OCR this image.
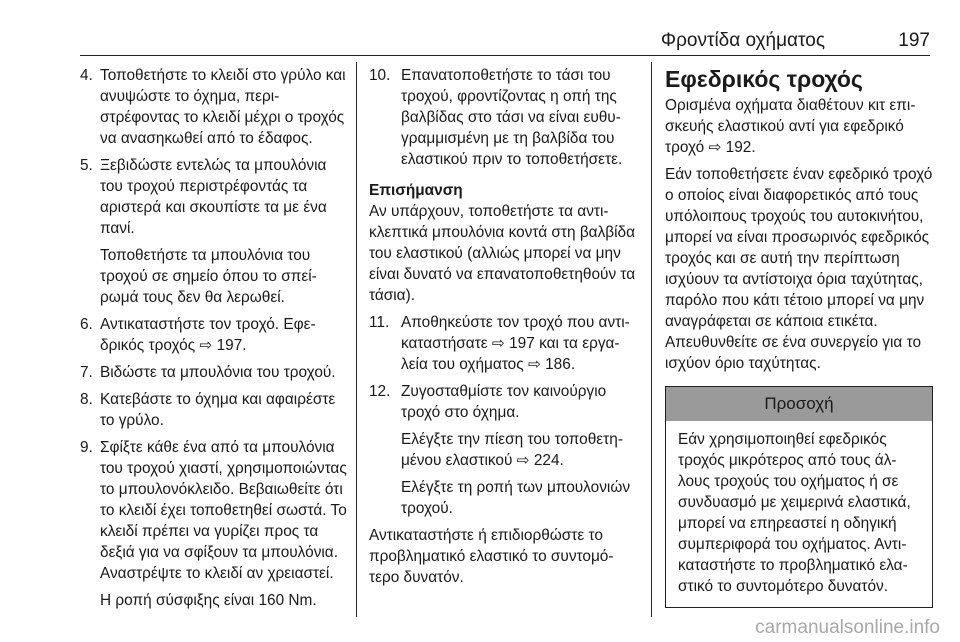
Φροντίδα οχήματος	197
4. Τοποθετήστε το κλειδί στο γρύλο και ανυψώστε το όχημα, περιστρέφοντας το κλειδί μέχρι ο τροχός να ανασηκωθεί από το έδαφος.

5. Ξεβιδώστε εντελώς τα μπουλόνια του τροχού περιστρέφοντάς τα αριστερά και σκουπίστε τα με ένα πανί.

Τοποθετήστε τα μπουλόνια του τροχού σε σημείο όπου το σπείρωμά τους δεν θα λερωθεί.

6. Αντικαταστήστε τον τροχό. Εφεδρικός τροχός ⇨ 197.

7. Βιδώστε τα μπουλόνια του τροχού.

8. Κατεβάστε το όχημα και αφαιρέστε το γρύλο.

9. Σφίξτε κάθε ένα από τα μπουλόνια του τροχού χιαστί, χρησιμοποιώντας το μπουλονόκλειδο. Βεβαιωθείτε ότι το κλειδί έχει τοποθετηθεί σωστά. Το κλειδί πρέπει να γυρίζει προς τα δεξιά για να σφίξουν τα μπουλόνια. Αναστρέψτε το κλειδί αν χρειαστεί.

Η ροπή σύσφιξης είναι 160 Nm.

10. Επανατοποθετήστε το τάσι του τροχού, φροντίζοντας η οπή της βαλβίδας στο τάσι να είναι ευθυγραμμισμένη με τη βαλβίδα του ελαστικού πριν το τοποθετήσετε.

Επισήμανση

Αν υπάρχουν, τοποθετήστε τα αντικλεπτικά μπουλόνια κοντά στη βαλβίδα του ελαστικού (αλλιώς μπορεί να μην είναι δυνατό να επανατοποθετηθούν τα τάσια).

11. Αποθηκεύστε τον τροχό που αντικαταστήσατε ⇨ 197 και τα εργαλεία του οχήματος ⇨ 186.

12. Ζυγοσταθμίστε τον καινούργιο τροχό στο όχημα.

Ελέγξτε την πίεση του τοποθετημένου ελαστικού ⇨ 224.

Ελέγξτε τη ροπή των μπουλονιών τροχού.

Αντικαταστήστε ή επιδιορθώστε το προβληματικό ελαστικό το συντομότερο δυνατόν.

Εφεδρικός τροχός

Ορισμένα οχήματα διαθέτουν κιτ επισκευής ελαστικού αντί για εφεδρικό τροχό ⇨ 192.

Εάν τοποθετήσετε έναν εφεδρικό τροχό ο οποίος είναι διαφορετικός από τους υπόλοιπους τροχούς του αυτοκινήτου, μπορεί να είναι προσωρινός εφεδρικός τροχός και σε αυτή την περίπτωση ισχύουν τα αντίστοιχα όρια ταχύτητας, παρόλο που κάτι τέτοιο μπορεί να μην αναγράφεται σε κάποια ετικέτα. Απευθυνθείτε σε ένα συνεργείο για το ισχύον όριο ταχύτητας.

Προσοχή
Εάν χρησιμοποιηθεί εφεδρικός τροχός μικρότερος από τους άλλους τροχούς του οχήματος ή σε συνδυασμό με χειμερινά ελαστικά, μπορεί να επηρεαστεί η οδηγική συμπεριφορά του οχήματος. Αντικαταστήστε το προβληματικό ελαστικό το συντομότερο δυνατόν.
carmanualsonline.info
